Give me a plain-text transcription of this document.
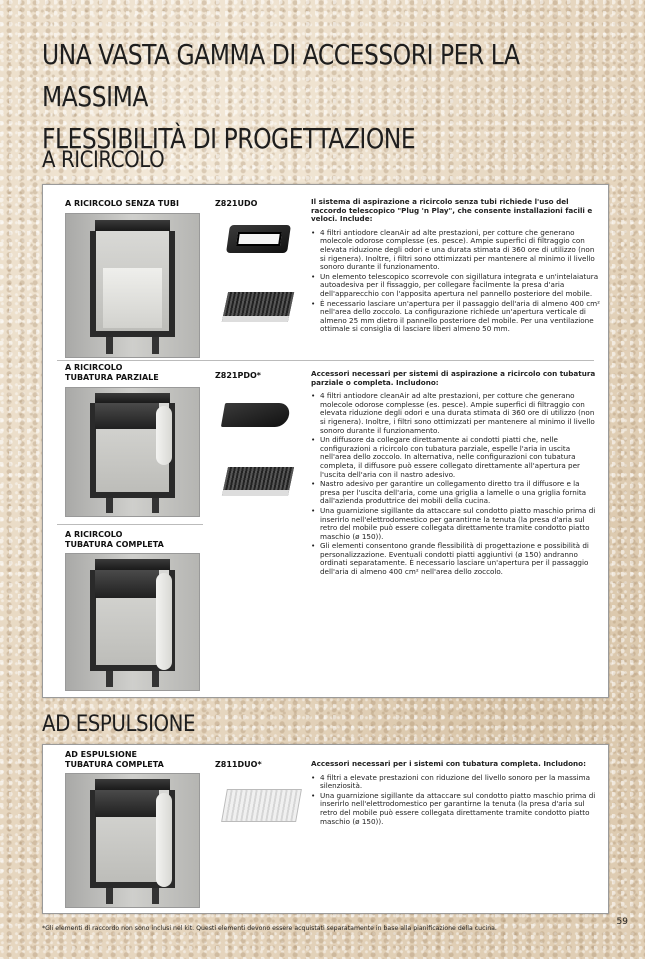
UNA VASTA GAMMA DI ACCESSORI PER LA MASSIMA
FLESSIBILITÀ DI PROGETTAZIONE
A RICIRCOLO
A RICIRCOLO SENZA TUBI	Z821UDO	Il sistema di aspirazione a ricircolo senza tubi richiede l'uso del raccordo telescopico "Plug 'n Play", che consente installazioni facili e veloci. Include:

• 4 filtri antiodore cleanAir ad alte prestazioni, per cotture che generano molecole odorose complesse (es. pesce). Ampie superfici di filtraggio con elevata riduzione degli odori e una durata stimata di 360 ore di utilizzo (non si rigenera). Inoltre, i filtri sono ottimizzati per mantenere al minimo il livello sonoro durante il funzionamento.
• Un elemento telescopico scorrevole con sigillatura integrata e un'intelaiatura autoadesiva per il fissaggio, per collegare facilmente la presa d'aria dell'apparecchio con l'apposita apertura nel pannello posteriore del mobile.
• È necessario lasciare un'apertura per il passaggio dell'aria di almeno 400 cm² nell'area dello zoccolo. La configurazione richiede un'apertura verticale di almeno 25 mm dietro il pannello posteriore del mobile. Per una ventilazione ottimale si consiglia di lasciare liberi almeno 50 mm.
A RICIRCOLO
TUBATURA PARZIALE	Z821PDO*	Accessori necessari per sistemi di aspirazione a ricircolo con tubatura parziale o completa. Includono:

• 4 filtri antiodore cleanAir ad alte prestazioni, per cotture che generano molecole odorose complesse (es. pesce). Ampie superfici di filtraggio con elevata riduzione degli odori e una durata stimata di 360 ore di utilizzo (non si rigenera). Inoltre, i filtri sono ottimizzati per mantenere al minimo il livello sonoro durante il funzionamento.
• Un diffusore da collegare direttamente ai condotti piatti che, nelle configurazioni a ricircolo con tubatura parziale, espelle l'aria in uscita nell'area dello zoccolo. In alternativa, nelle configurazioni con tubatura completa, il diffusore può essere collegato direttamente all'apertura per l'uscita dell'aria con il nastro adesivo.
• Nastro adesivo per garantire un collegamento diretto tra il diffusore e la presa per l'uscita dell'aria, come una griglia a lamelle o una griglia fornita dall'azienda produttrice dei mobili della cucina.
• Una guarnizione sigillante da attaccare sul condotto piatto maschio prima di inserirlo nell'elettrodomestico per garantirne la tenuta (la presa d'aria sul retro del mobile può essere collegata direttamente tramite condotto piatto maschio (ø 150)).
• Gli elementi consentono grande flessibilità di progettazione e possibilità di personalizzazione. Eventuali condotti piatti aggiuntivi (ø 150) andranno ordinati separatamente. È necessario lasciare un'apertura per il passaggio dell'aria di almeno 400 cm² nell'area dello zoccolo.
A RICIRCOLO
TUBATURA COMPLETA
AD ESPULSIONE
AD ESPULSIONE
TUBATURA COMPLETA	Z811DUO*	Accessori necessari per i sistemi con tubatura completa. Includono:

• 4 filtri a elevate prestazioni con riduzione del livello sonoro per la massima silenziosità.
• Una guarnizione sigillante da attaccare sul condotto piatto maschio prima di inserirlo nell'elettrodomestico per garantirne la tenuta (la presa d'aria sul retro del mobile può essere collegata direttamente tramite condotto piatto maschio (ø 150)).
*Gli elementi di raccordo non sono inclusi nel kit. Questi elementi devono essere acquistati separatamente in base alla pianificazione della cucina.
59
